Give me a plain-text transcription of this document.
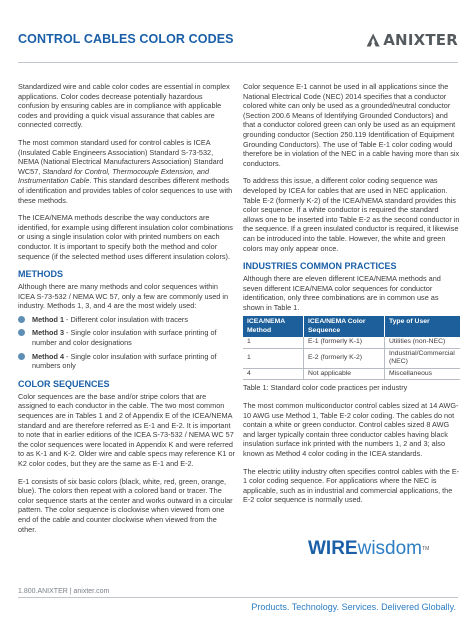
CONTROL CABLES COLOR CODES	ANIXTER

Standardized wire and cable color codes are essential in complex applications. Color codes decrease potentially hazardous confusion by ensuring cables are in compliance with applicable codes and providing a quick visual assurance that cables are connected correctly.

The most common standard used for control cables is ICEA (Insulated Cable Engineers Association) Standard S-73-532, NEMA (National Electrical Manufacturers Association) Standard WC57, Standard for Control, Thermocouple Extension, and Instrumentation Cable. This standard describes different methods of identification and provides tables of color sequences to use with these methods.

The ICEA/NEMA methods describe the way conductors are identified, for example using different insulation color combinations or using a single insulation color with printed numbers on each conductor. It is important to specify both the method and color sequence (if the selected method uses different insulation colors).

METHODS

Although there are many methods and color sequences within ICEA S-73-532 / NEMA WC 57, only a few are commonly used in industry. Methods 1, 3, and 4 are the most widely used:

Method 1 - Different color insulation with tracers
Method 3 - Single color insulation with surface printing of number and color designations
Method 4 - Single color insulation with surface printing of numbers only
COLOR SEQUENCES

Color sequences are the base and/or stripe colors that are assigned to each conductor in the cable. The two most common sequences are in Tables 1 and 2 of Appendix E of the ICEA/NEMA standard and are therefore referred as E-1 and E-2. It is important to note that in earlier editions of the ICEA S-73-532 / NEMA WC 57 the color sequences were located in Appendix K and were referred to as K-1 and K-2. Older wire and cable specs may reference K1 or K2 color codes, but they are the same as E-1 and E-2.

E-1 consists of six basic colors (black, white, red, green, orange, blue). The colors then repeat with a colored band or tracer. The color sequence starts at the center and works outward in a circular pattern. The color sequence is clockwise when viewed from one end of the cable and counter clockwise when viewed from the other.

Color sequence E-1 cannot be used in all applications since the National Electrical Code (NEC) 2014 specifies that a conductor colored white can only be used as a grounded/neutral conductor (Section 200.6 Means of Identifying Grounded Conductors) and that a conductor colored green can only be used as an equipment grounding conductor (Section 250.119 Identification of Equipment Grounding Conductors). The use of Table E-1 color coding would therefore be in violation of the NEC in a cable having more than six conductors.

To address this issue, a different color coding sequence was developed by ICEA for cables that are used in NEC application. Table E-2 (formerly K-2) of the ICEA/NEMA standard provides this color sequence. If a white conductor is required the standard allows one to be inserted into Table E-2 as the second conductor in the sequence. If a green insulated conductor is required, it likewise can be introduced into the table. However, the white and green colors may only appear once.

INDUSTRIES COMMON PRACTICES

Although there are eleven different ICEA/NEMA methods and seven different ICEA/NEMA color sequences for conductor identification, only three combinations are in common use as shown in Table 1.

ICEA/NEMA Method	ICEA/NEMA Color Sequence	Type of User
1	E-1 (formerly K-1)	Utilities (non-NEC)
1	E-2 (formerly K-2)	Industrial/Commercial (NEC)
4	Not applicable	Miscellaneous

Table 1: Standard color code practices per industry

The most common multiconductor control cables sized at 14 AWG-10 AWG use Method 1, Table E-2 color coding. The cables do not contain a white or green conductor. Control cables sized 8 AWG and larger typically contain three conductor cables having black insulation surface ink printed with the numbers 1, 2 and 3; also known as Method 4 color coding in the ICEA standards.

The electric utility industry often specifies control cables with the E-1 color coding sequence. For applications where the NEC is applicable, such as in industrial and commercial applications, the E-2 color sequence is normally used.

WIREwisdom™
1.800.ANIXTER | anixter.com
Products. Technology. Services. Delivered Globally.
